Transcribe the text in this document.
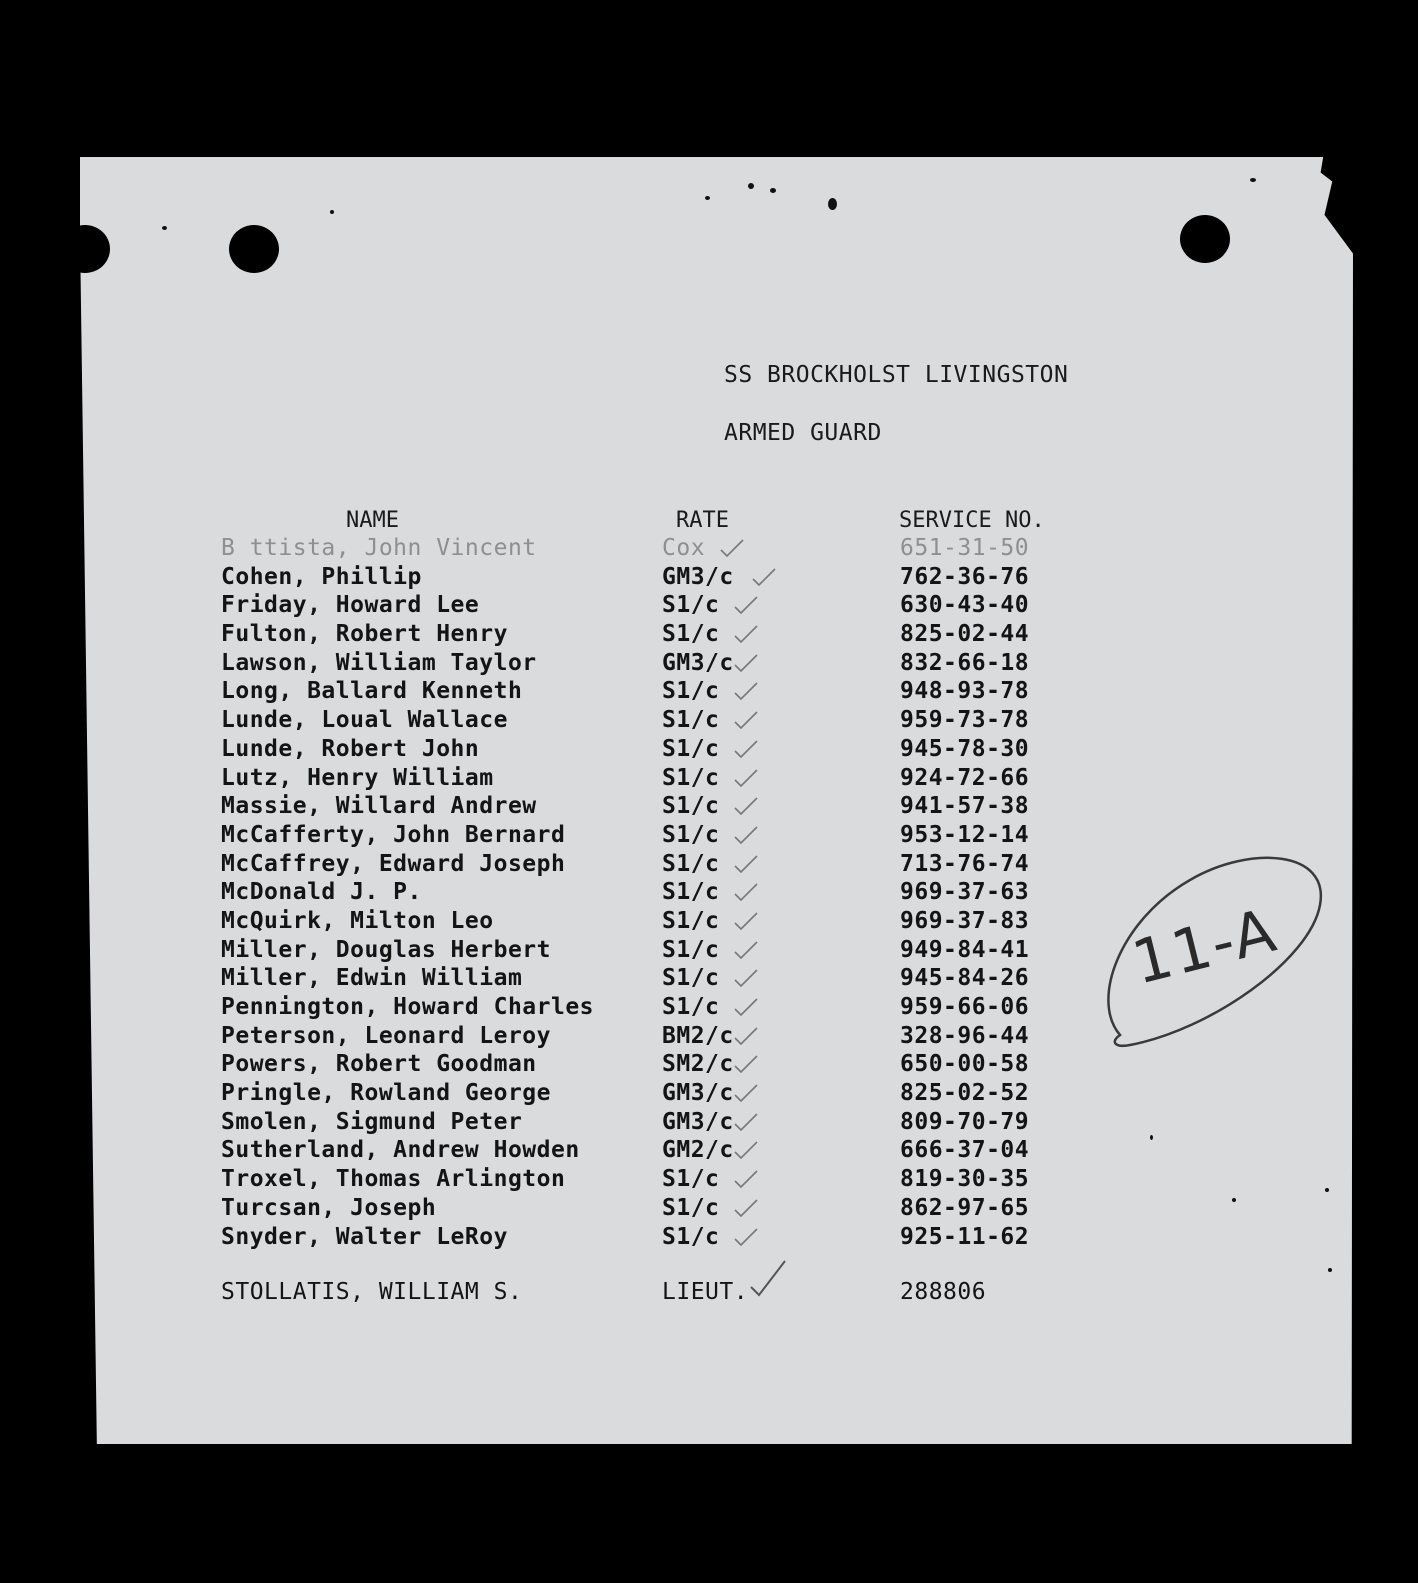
SS BROCKHOLST LIVINGSTON
ARMED GUARD
NAME	RATE	SERVICE NO.
B ttista, John Vincent	Cox	651-31-50
Cohen, Phillip	GM3/c	762-36-76
Friday, Howard Lee	S1/c	630-43-40
Fulton, Robert Henry	S1/c	825-02-44
Lawson, William Taylor	GM3/c	832-66-18
Long, Ballard Kenneth	S1/c	948-93-78
Lunde, Loual Wallace	S1/c	959-73-78
Lunde, Robert John	S1/c	945-78-30
Lutz, Henry William	S1/c	924-72-66
Massie, Willard Andrew	S1/c	941-57-38
McCafferty, John Bernard	S1/c	953-12-14
McCaffrey, Edward Joseph	S1/c	713-76-74
McDonald J. P.	S1/c	969-37-63
McQuirk, Milton Leo	S1/c	969-37-83
Miller, Douglas Herbert	S1/c	949-84-41
Miller, Edwin William	S1/c	945-84-26
Pennington, Howard Charles	S1/c	959-66-06
Peterson, Leonard Leroy	BM2/c	328-96-44
Powers, Robert Goodman	SM2/c	650-00-58
Pringle, Rowland George	GM3/c	825-02-52
Smolen, Sigmund Peter	GM3/c	809-70-79
Sutherland, Andrew Howden	GM2/c	666-37-04
Troxel, Thomas Arlington	S1/c	819-30-35
Turcsan, Joseph	S1/c	862-97-65
Snyder, Walter LeRoy	S1/c	925-11-62
STOLLATIS, WILLIAM S.	LIEUT.	288806
11-A
